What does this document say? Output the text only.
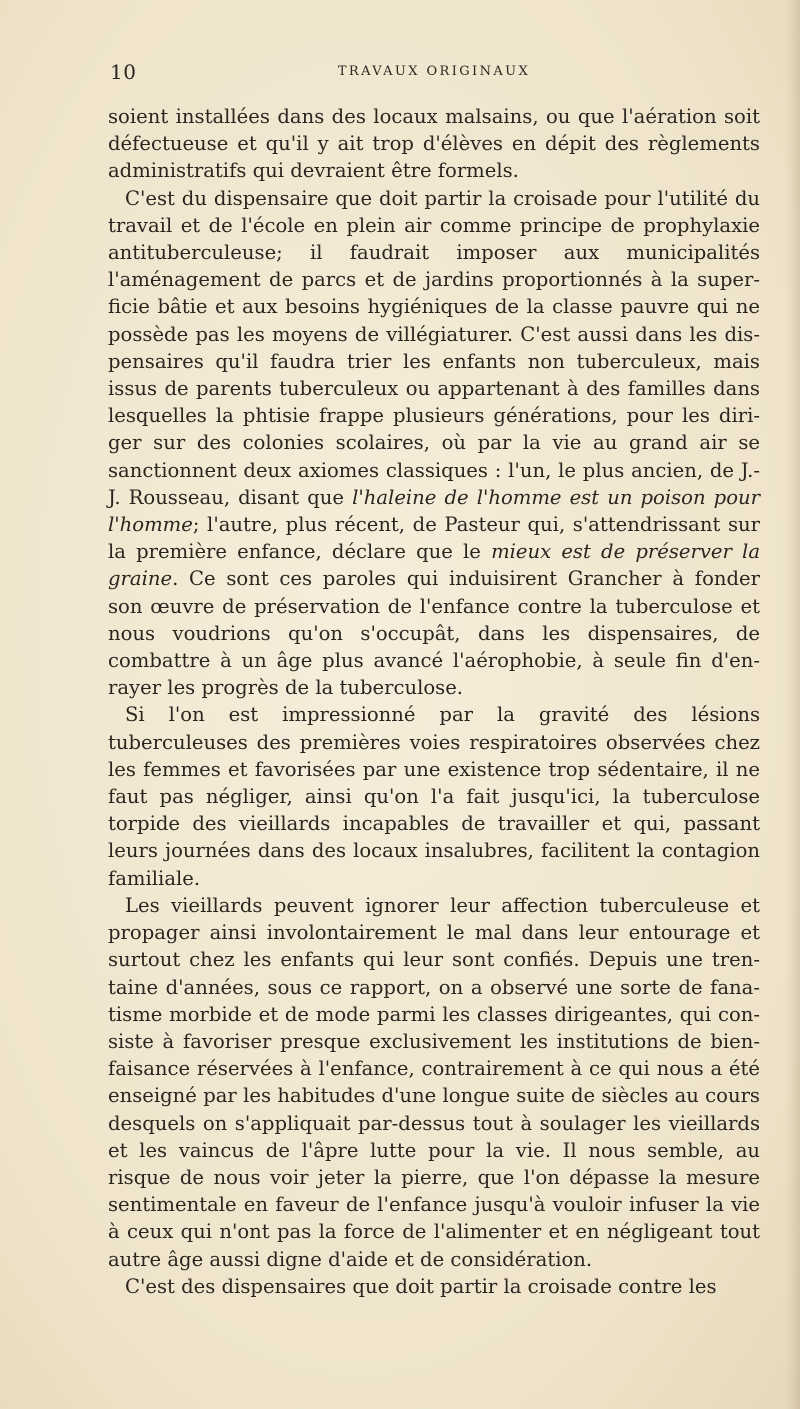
10	TRAVAUX ORIGINAUX

soient installées dans des locaux malsains, ou que l'aération soit défectueuse et qu'il y ait trop d'élèves en dépit des règlements administratifs qui devraient être formels.

C'est du dispensaire que doit partir la croisade pour l'utilité du travail et de l'école en plein air comme principe de prophylaxie antituberculeuse; il faudrait imposer aux municipalités l'aménagement de parcs et de jardins proportionnés à la superficie bâtie et aux besoins hygiéniques de la classe pauvre qui ne possède pas les moyens de villégiaturer. C'est aussi dans les dispensaires qu'il faudra trier les enfants non tuberculeux, mais issus de parents tuberculeux ou appartenant à des familles dans lesquelles la phtisie frappe plusieurs générations, pour les diriger sur des colonies scolaires, où par la vie au grand air se sanctionnent deux axiomes classiques : l'un, le plus ancien, de J.-J. Rousseau, disant que l'haleine de l'homme est un poison pour l'homme; l'autre, plus récent, de Pasteur qui, s'attendrissant sur la première enfance, déclare que le mieux est de préserver la graine. Ce sont ces paroles qui induisirent Grancher à fonder son œuvre de préservation de l'enfance contre la tuberculose et nous voudrions qu'on s'occupât, dans les dispensaires, de combattre à un âge plus avancé l'aérophobie, à seule fin d'enrayer les progrès de la tuberculose.

Si l'on est impressionné par la gravité des lésions tuberculeuses des premières voies respiratoires observées chez les femmes et favorisées par une existence trop sédentaire, il ne faut pas négliger, ainsi qu'on l'a fait jusqu'ici, la tuberculose torpide des vieillards incapables de travailler et qui, passant leurs journées dans des locaux insalubres, facilitent la contagion familiale.

Les vieillards peuvent ignorer leur affection tuberculeuse et propager ainsi involontairement le mal dans leur entourage et surtout chez les enfants qui leur sont confiés. Depuis une trentaine d'années, sous ce rapport, on a observé une sorte de fanatisme morbide et de mode parmi les classes dirigeantes, qui consiste à favoriser presque exclusivement les institutions de bienfaisance réservées à l'enfance, contrairement à ce qui nous a été enseigné par les habitudes d'une longue suite de siècles au cours desquels on s'appliquait par-dessus tout à soulager les vieillards et les vaincus de l'âpre lutte pour la vie. Il nous semble, au risque de nous voir jeter la pierre, que l'on dépasse la mesure sentimentale en faveur de l'enfance jusqu'à vouloir infuser la vie à ceux qui n'ont pas la force de l'alimenter et en négligeant tout autre âge aussi digne d'aide et de considération.

C'est des dispensaires que doit partir la croisade contre les
